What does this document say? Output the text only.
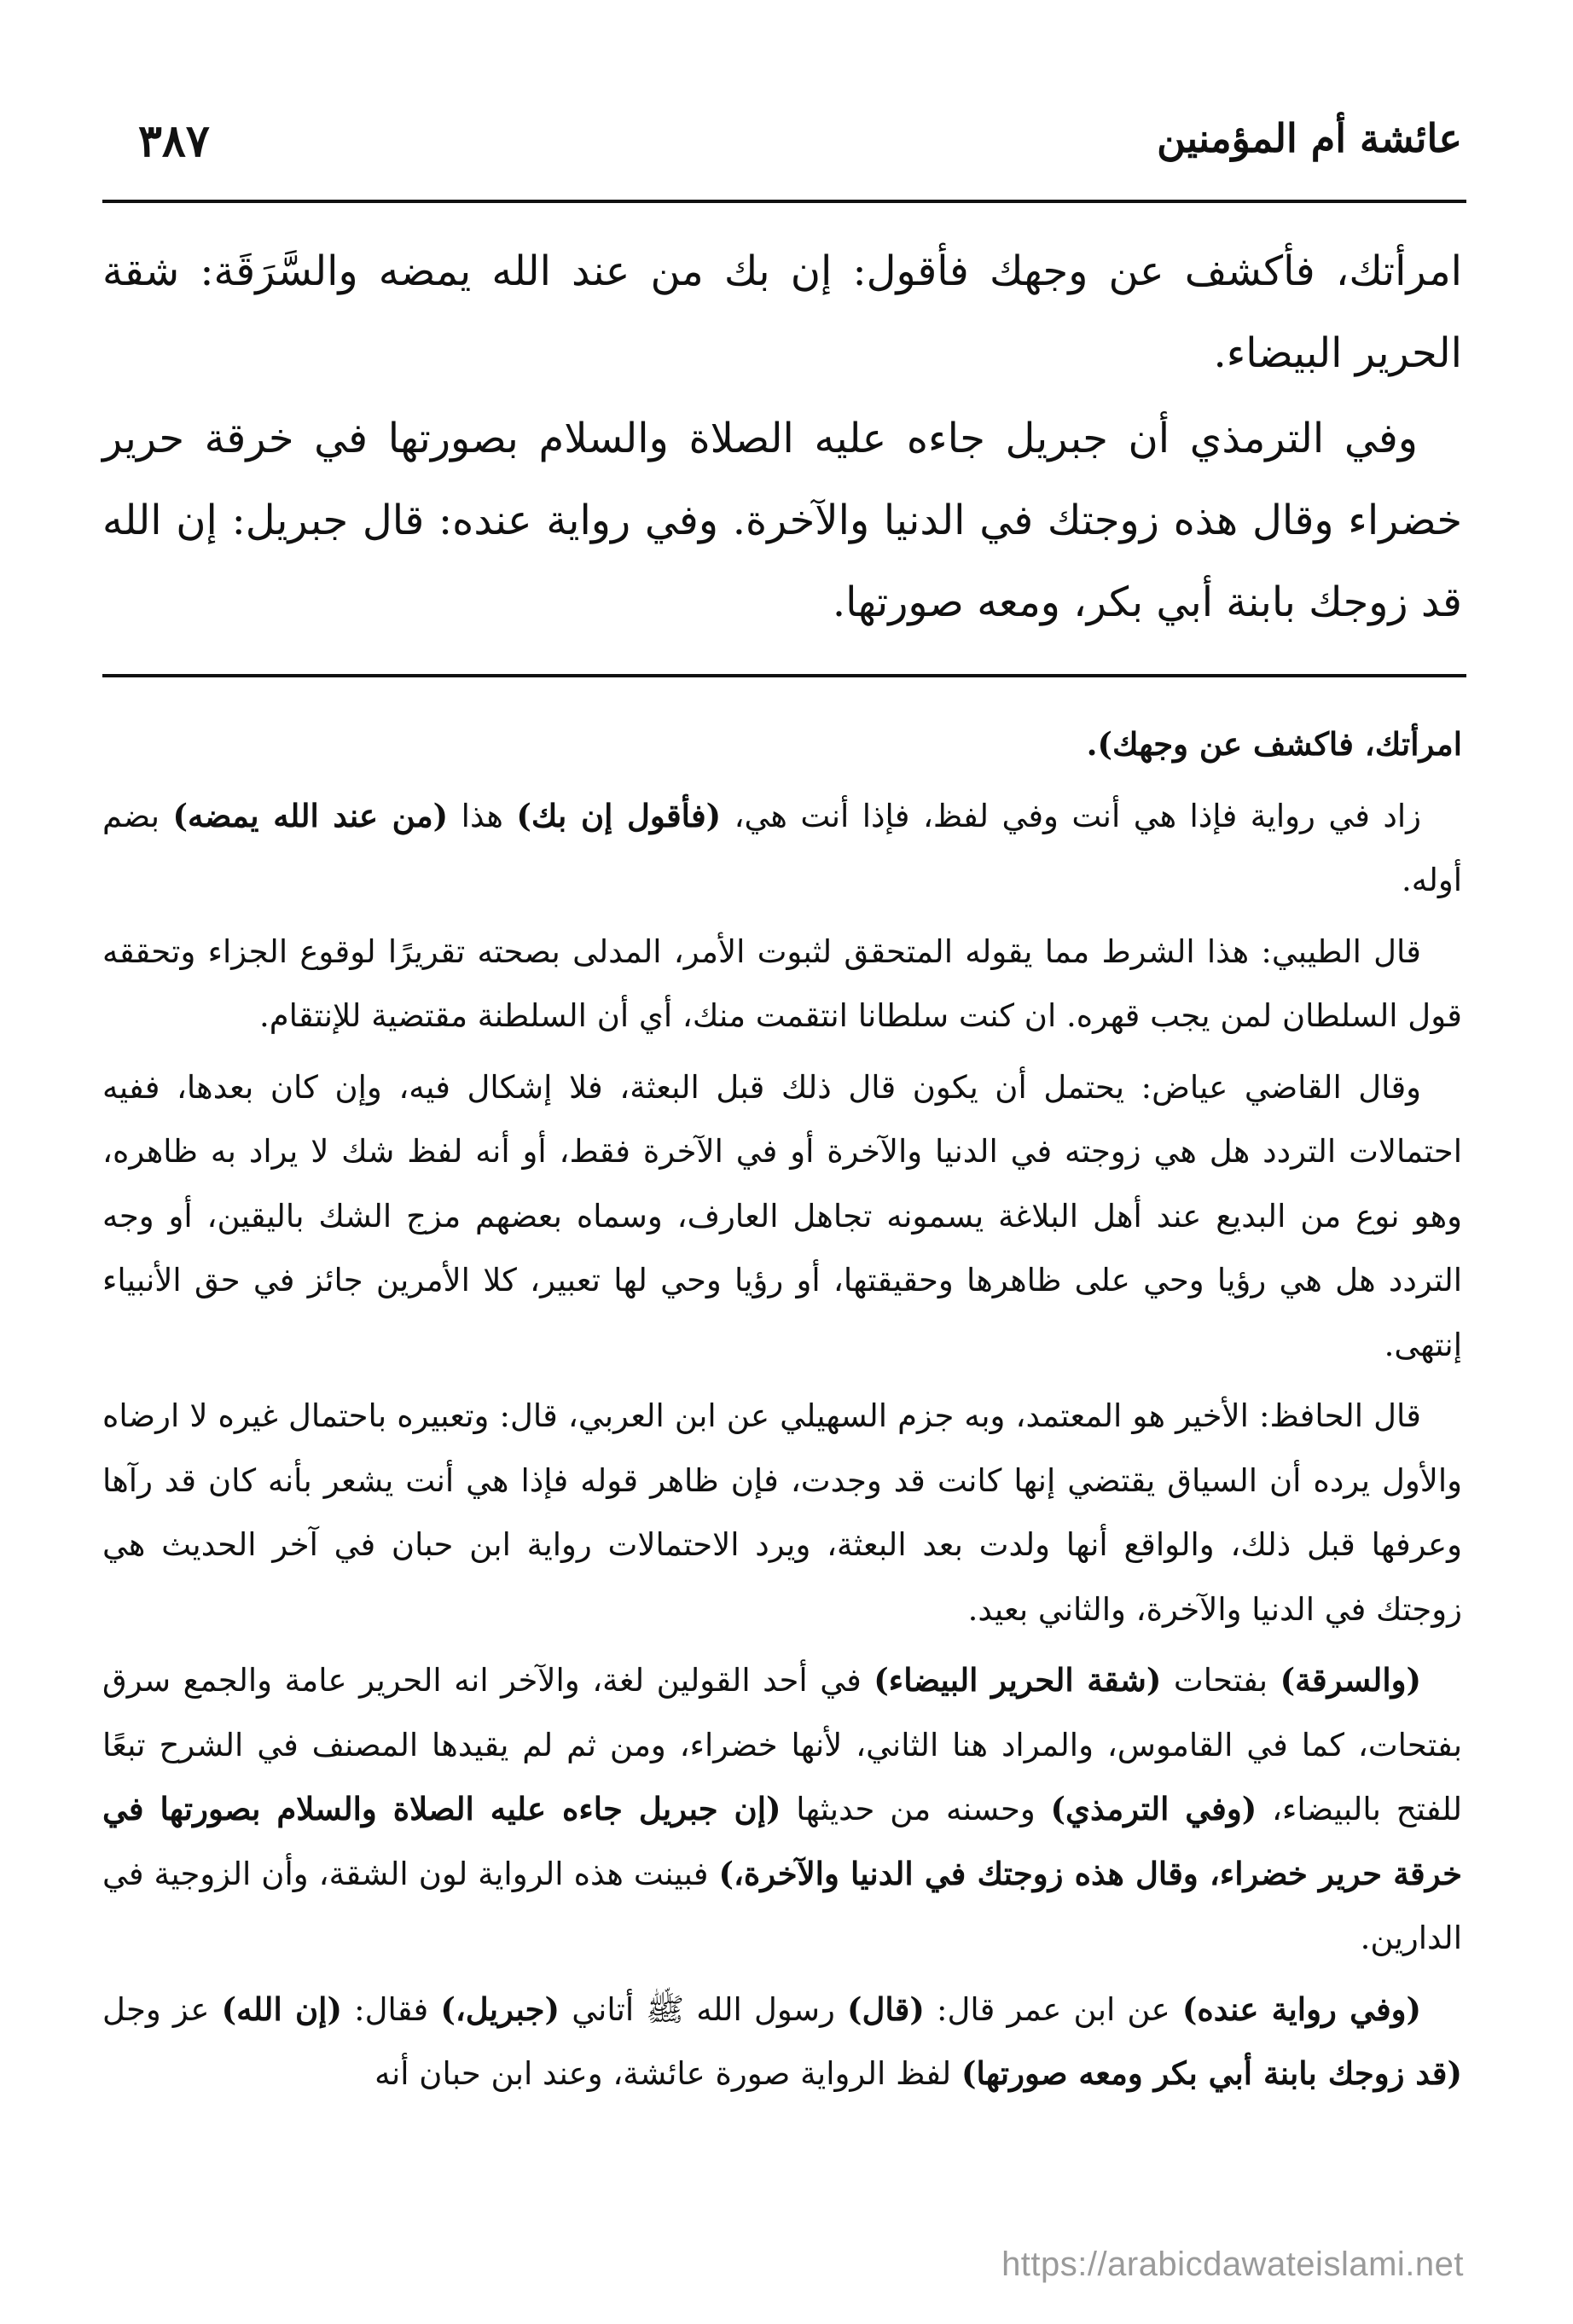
عائشة أم المؤمنين
٣٨٧

امرأتك، فأكشف عن وجهك فأقول: إن بك من عند الله يمضه والسَّرَقَة: شقة الحرير البيضاء.

وفي الترمذي أن جبريل جاءه عليه الصلاة والسلام بصورتها في خرقة حرير خضراء وقال هذه زوجتك في الدنيا والآخرة. وفي رواية عنده: قال جبريل: إن الله قد زوجك بابنة أبي بكر، ومعه صورتها.

امرأتك، فاكشف عن وجهك).

زاد في رواية فإذا هي أنت وفي لفظ، فإذا أنت هي، (فأقول إن بك) هذا (من عند الله يمضه) بضم أوله.

قال الطيبي: هذا الشرط مما يقوله المتحقق لثبوت الأمر، المدلى بصحته تقريرًا لوقوع الجزاء وتحققه قول السلطان لمن يجب قهره. ان كنت سلطانا انتقمت منك، أي أن السلطنة مقتضية للإنتقام.

وقال القاضي عياض: يحتمل أن يكون قال ذلك قبل البعثة، فلا إشكال فيه، وإن كان بعدها، ففيه احتمالات التردد هل هي زوجته في الدنيا والآخرة أو في الآخرة فقط، أو أنه لفظ شك لا يراد به ظاهره، وهو نوع من البديع عند أهل البلاغة يسمونه تجاهل العارف، وسماه بعضهم مزج الشك باليقين، أو وجه التردد هل هي رؤيا وحي على ظاهرها وحقيقتها، أو رؤيا وحي لها تعبير، كلا الأمرين جائز في حق الأنبياء إنتهى.

قال الحافظ: الأخير هو المعتمد، وبه جزم السهيلي عن ابن العربي، قال: وتعبيره باحتمال غيره لا ارضاه والأول يرده أن السياق يقتضي إنها كانت قد وجدت، فإن ظاهر قوله فإذا هي أنت يشعر بأنه كان قد رآها وعرفها قبل ذلك، والواقع أنها ولدت بعد البعثة، ويرد الاحتمالات رواية ابن حبان في آخر الحديث هي زوجتك في الدنيا والآخرة، والثاني بعيد.

(والسرقة) بفتحات (شقة الحرير البيضاء) في أحد القولين لغة، والآخر انه الحرير عامة والجمع سرق بفتحات، كما في القاموس، والمراد هنا الثاني، لأنها خضراء، ومن ثم لم يقيدها المصنف في الشرح تبعًا للفتح بالبيضاء، (وفي الترمذي) وحسنه من حديثها (إن جبريل جاءه عليه الصلاة والسلام بصورتها في خرقة حرير خضراء، وقال هذه زوجتك في الدنيا والآخرة،) فبينت هذه الرواية لون الشقة، وأن الزوجية في الدارين.

(وفي رواية عنده) عن ابن عمر قال: (قال) رسول الله ﷺ أتاني (جبريل،) فقال: (إن الله) عز وجل (قد زوجك بابنة أبي بكر ومعه صورتها) لفظ الرواية صورة عائشة، وعند ابن حبان أنه

https://arabicdawateislami.net
